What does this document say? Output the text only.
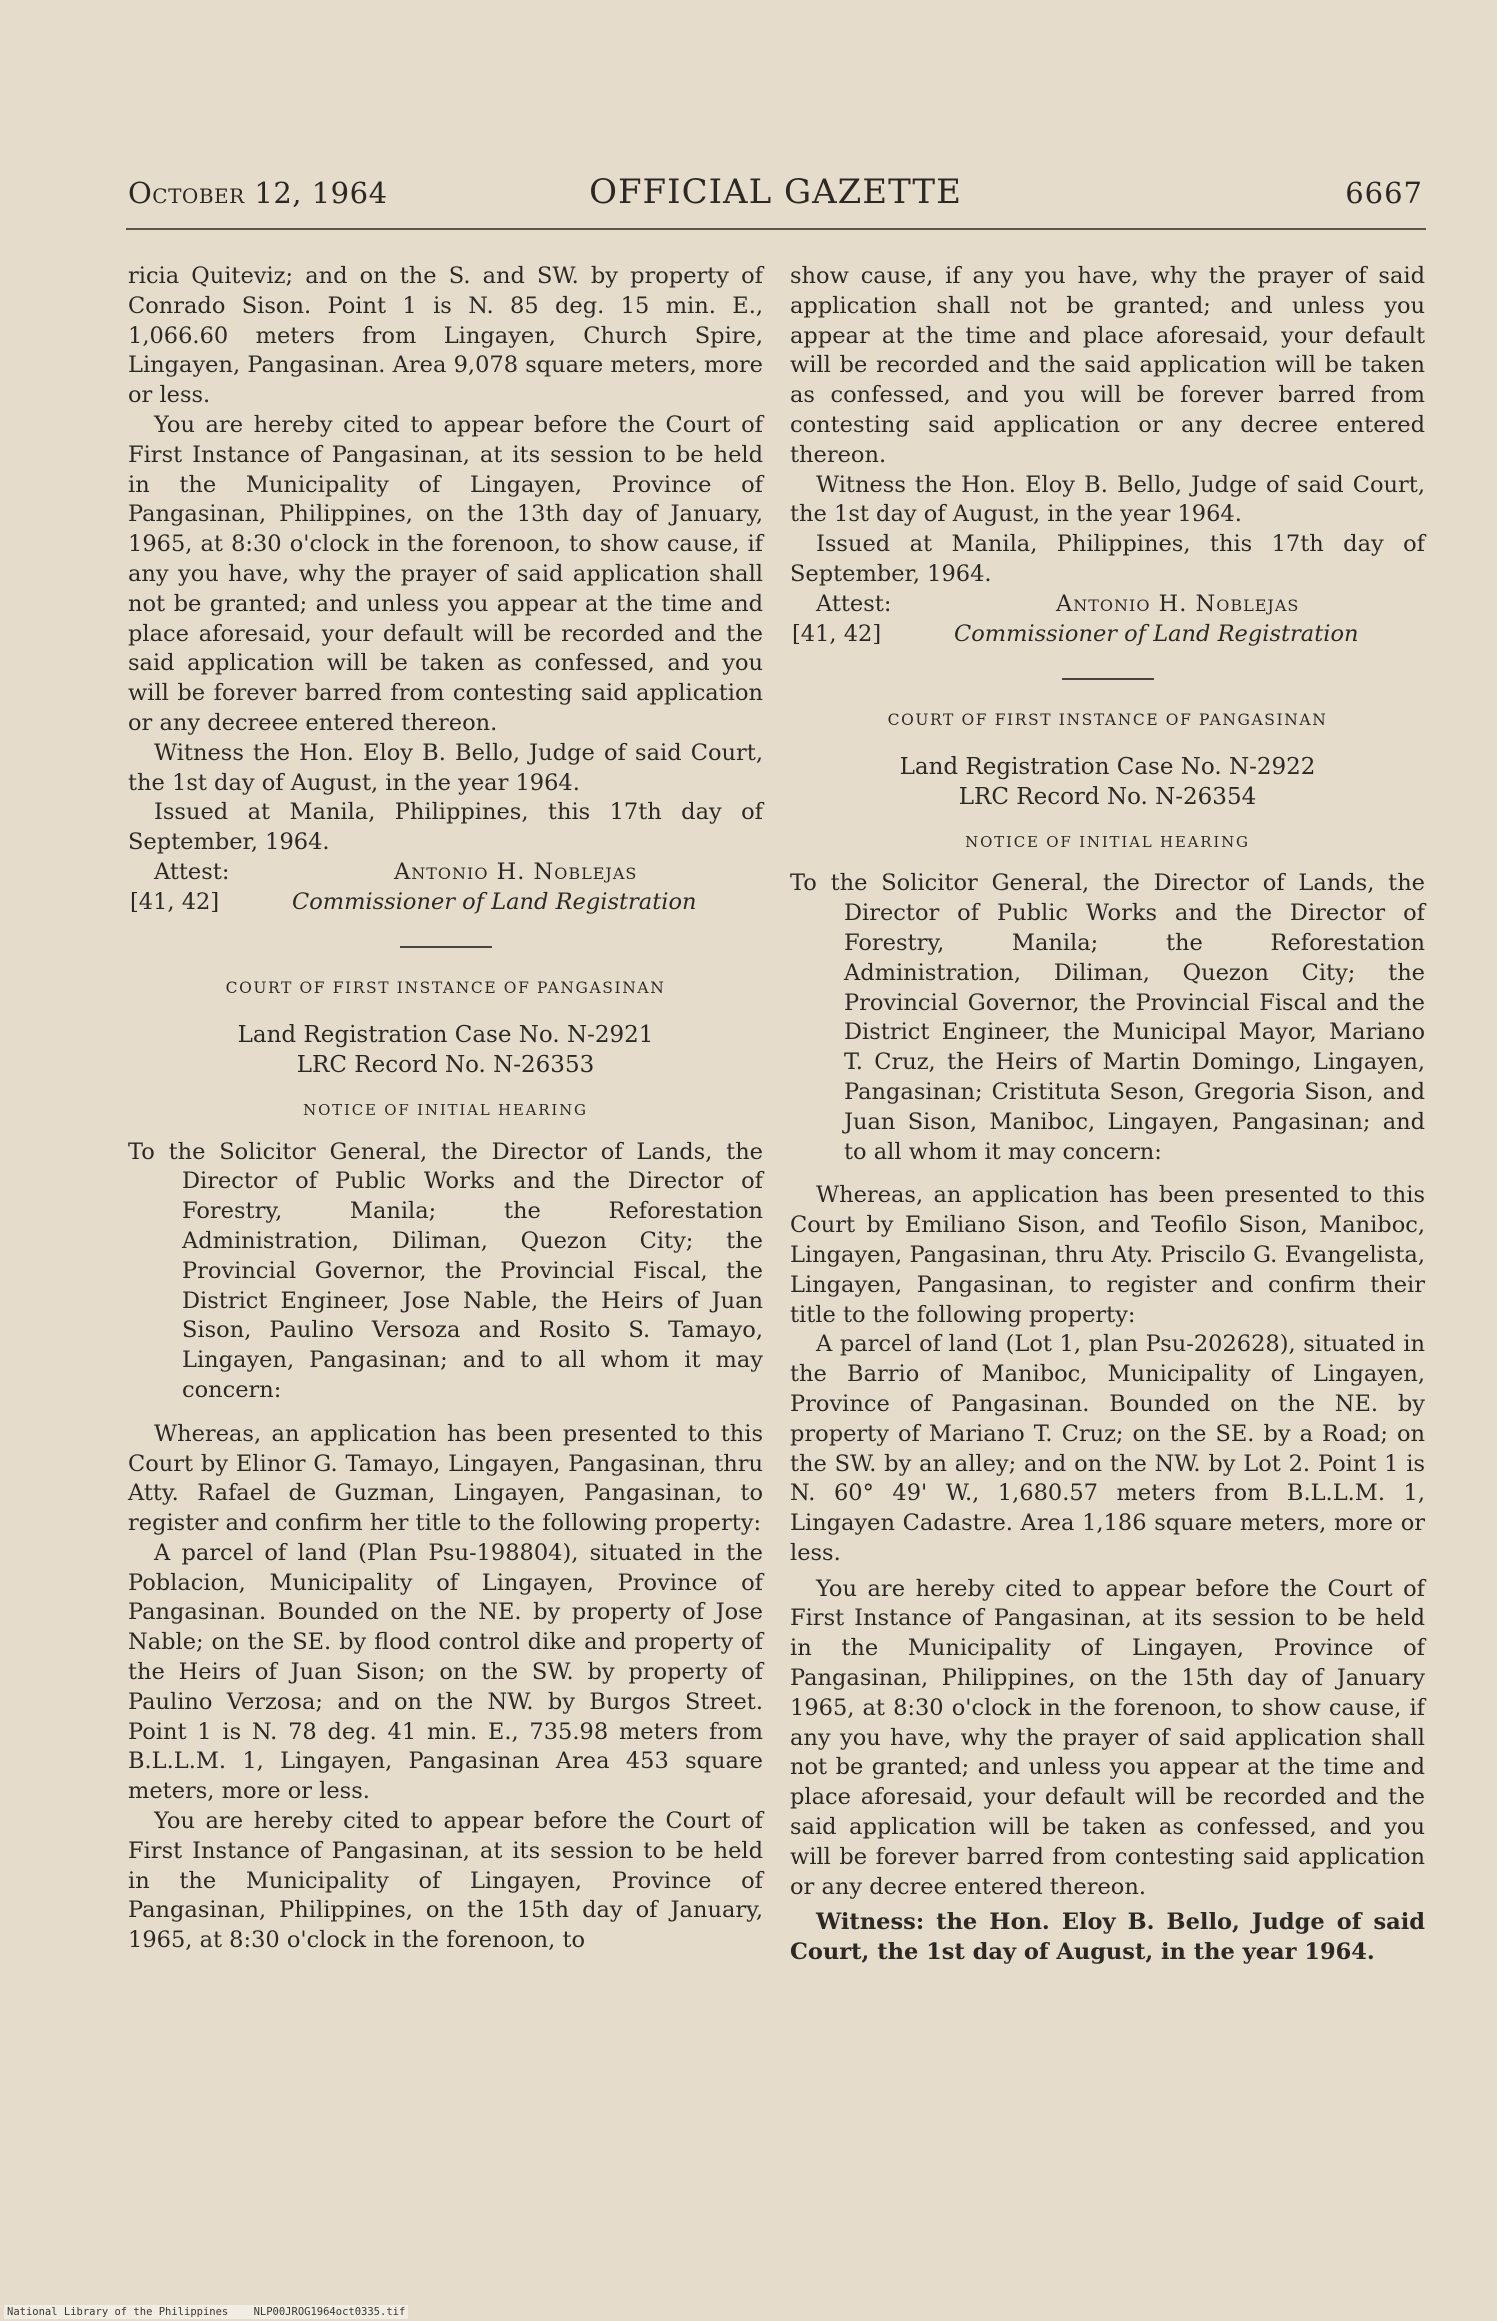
October 12, 1964	OFFICIAL GAZETTE	6667

ricia Quiteviz; and on the S. and SW. by property of Conrado Sison. Point 1 is N. 85 deg. 15 min. E., 1,066.60 meters from Lingayen, Church Spire, Lingayen, Pangasinan. Area 9,078 square meters, more or less.

You are hereby cited to appear before the Court of First Instance of Pangasinan, at its session to be held in the Municipality of Lingayen, Province of Pangasinan, Philippines, on the 13th day of January, 1965, at 8:30 o'clock in the forenoon, to show cause, if any you have, why the prayer of said application shall not be granted; and unless you appear at the time and place aforesaid, your default will be recorded and the said application will be taken as confessed, and you will be forever barred from contesting said application or any decreee entered thereon.

Witness the Hon. Eloy B. Bello, Judge of said Court, the 1st day of August, in the year 1964.

Issued at Manila, Philippines, this 17th day of September, 1964.

Attest:	Antonio H. Noblejas
[41, 42]	Commissioner of Land Registration
COURT OF FIRST INSTANCE OF PANGASINAN
Land Registration Case No. N-2921
LRC Record No. N-26353
NOTICE OF INITIAL HEARING

To the Solicitor General, the Director of Lands, the Director of Public Works and the Director of Forestry, Manila; the Reforestation Administration, Diliman, Quezon City; the Provincial Governor, the Provincial Fiscal, the District Engineer, Jose Nable, the Heirs of Juan Sison, Paulino Versoza and Rosito S. Tamayo, Lingayen, Pangasinan; and to all whom it may concern:

Whereas, an application has been presented to this Court by Elinor G. Tamayo, Lingayen, Pangasinan, thru Atty. Rafael de Guzman, Lingayen, Pangasinan, to register and confirm her title to the following property:

A parcel of land (Plan Psu-198804), situated in the Poblacion, Municipality of Lingayen, Province of Pangasinan. Bounded on the NE. by property of Jose Nable; on the SE. by flood control dike and property of the Heirs of Juan Sison; on the SW. by property of Paulino Verzosa; and on the NW. by Burgos Street. Point 1 is N. 78 deg. 41 min. E., 735.98 meters from B.L.L.M. 1, Lingayen, Pangasinan Area 453 square meters, more or less.

You are hereby cited to appear before the Court of First Instance of Pangasinan, at its session to be held in the Municipality of Lingayen, Province of Pangasinan, Philippines, on the 15th day of January, 1965, at 8:30 o'clock in the forenoon, to

show cause, if any you have, why the prayer of said application shall not be granted; and unless you appear at the time and place aforesaid, your default will be recorded and the said application will be taken as confessed, and you will be forever barred from contesting said application or any decree entered thereon.

Witness the Hon. Eloy B. Bello, Judge of said Court, the 1st day of August, in the year 1964.

Issued at Manila, Philippines, this 17th day of September, 1964.

Attest:	Antonio H. Noblejas
[41, 42]	Commissioner of Land Registration
COURT OF FIRST INSTANCE OF PANGASINAN
Land Registration Case No. N-2922
LRC Record No. N-26354
NOTICE OF INITIAL HEARING

To the Solicitor General, the Director of Lands, the Director of Public Works and the Director of Forestry, Manila; the Reforestation Administration, Diliman, Quezon City; the Provincial Governor, the Provincial Fiscal and the District Engineer, the Municipal Mayor, Mariano T. Cruz, the Heirs of Martin Domingo, Lingayen, Pangasinan; Cristituta Seson, Gregoria Sison, and Juan Sison, Maniboc, Lingayen, Pangasinan; and to all whom it may concern:

Whereas, an application has been presented to this Court by Emiliano Sison, and Teofilo Sison, Maniboc, Lingayen, Pangasinan, thru Aty. Priscilo G. Evangelista, Lingayen, Pangasinan, to register and confirm their title to the following property:

A parcel of land (Lot 1, plan Psu-202628), situated in the Barrio of Maniboc, Municipality of Lingayen, Province of Pangasinan. Bounded on the NE. by property of Mariano T. Cruz; on the SE. by a Road; on the SW. by an alley; and on the NW. by Lot 2. Point 1 is N. 60° 49' W., 1,680.57 meters from B.L.L.M. 1, Lingayen Cadastre. Area 1,186 square meters, more or less.

You are hereby cited to appear before the Court of First Instance of Pangasinan, at its session to be held in the Municipality of Lingayen, Province of Pangasinan, Philippines, on the 15th day of January 1965, at 8:30 o'clock in the forenoon, to show cause, if any you have, why the prayer of said application shall not be granted; and unless you appear at the time and place aforesaid, your default will be recorded and the said application will be taken as confessed, and you will be forever barred from contesting said application or any decree entered thereon.

Witness: the Hon. Eloy B. Bello, Judge of said Court, the 1st day of August, in the year 1964.

National Library of the Philippines NLP00JROG1964oct0335.tif
